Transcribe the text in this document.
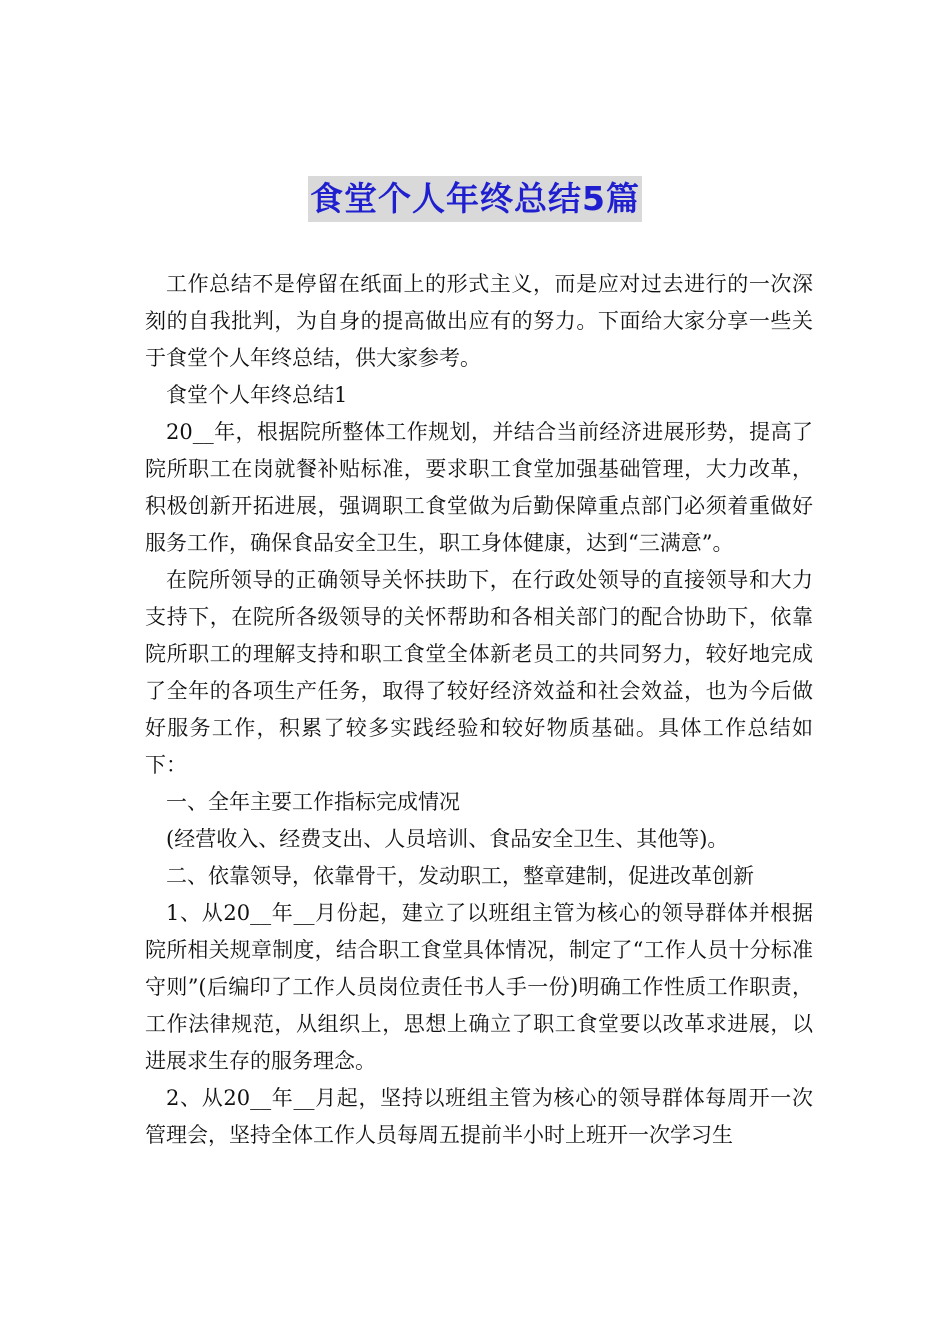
食堂个人年终总结5篇

工作总结不是停留在纸面上的形式主义，而是应对过去进行的一次深刻的自我批判，为自身的提高做出应有的努力。下面给大家分享一些关于食堂个人年终总结，供大家参考。

食堂个人年终总结1

20__年，根据院所整体工作规划，并结合当前经济进展形势，提高了院所职工在岗就餐补贴标准，要求职工食堂加强基础管理，大力改革，积极创新开拓进展，强调职工食堂做为后勤保障重点部门必须着重做好服务工作，确保食品安全卫生，职工身体健康，达到“三满意”。

在院所领导的正确领导关怀扶助下，在行政处领导的直接领导和大力支持下，在院所各级领导的关怀帮助和各相关部门的配合协助下，依靠院所职工的理解支持和职工食堂全体新老员工的共同努力，较好地完成了全年的各项生产任务，取得了较好经济效益和社会效益，也为今后做好服务工作，积累了较多实践经验和较好物质基础。具体工作总结如下：

一、全年主要工作指标完成情况

(经营收入、经费支出、人员培训、食品安全卫生、其他等)。

二、依靠领导，依靠骨干，发动职工，整章建制，促进改革创新

1、从20__年__月份起，建立了以班组主管为核心的领导群体并根据院所相关规章制度，结合职工食堂具体情况，制定了“工作人员十分标准守则”(后编印了工作人员岗位责任书人手一份)明确工作性质工作职责，工作法律规范，从组织上，思想上确立了职工食堂要以改革求进展，以进展求生存的服务理念。

2、从20__年__月起，坚持以班组主管为核心的领导群体每周开一次管理会，坚持全体工作人员每周五提前半小时上班开一次学习生
